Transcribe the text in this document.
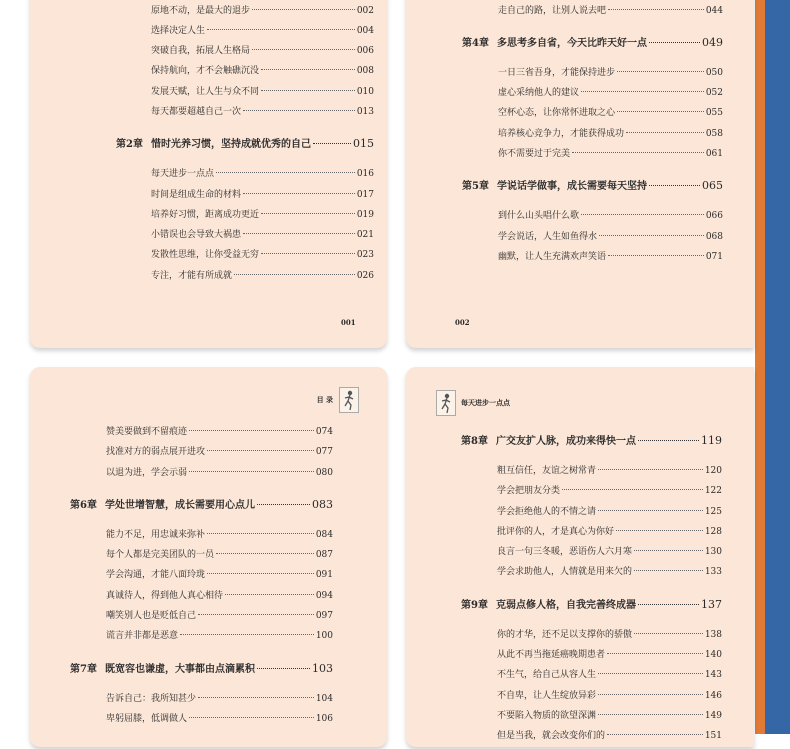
原地不动，是最大的退步	002
选择决定人生	004
突破自我，拓展人生格局	006
保持航向，才不会触礁沉没	008
发展天赋，让人生与众不同	010
每天都要超越自己一次	013
第2章 惜时光养习惯，坚持成就优秀的自己	015
每天进步一点点	016
时间是组成生命的材料	017
培养好习惯，距离成功更近	019
小错误也会导致大祸患	021
发散性思维，让你受益无穷	023
专注，才能有所成就	026
001
走自己的路，让别人说去吧	044
第4章 多思考多自省，今天比昨天好一点	049
一日三省吾身，才能保持进步	050
虚心采纳他人的建议	052
空杯心态，让你常怀进取之心	055
培养核心竞争力，才能获得成功	058
你不需要过于完美	061
第5章 学说话学做事，成长需要每天坚持	065
到什么山头唱什么歌	066
学会说话，人生如鱼得水	068
幽默，让人生充满欢声笑语	071
002
目 录
赞美要做到不留痕迹	074
找准对方的弱点展开进攻	077
以退为进，学会示弱	080
第6章 学处世增智慧，成长需要用心点儿	083
能力不足，用忠诚来弥补	084
每个人都是完美团队的一员	087
学会沟通，才能八面玲珑	091
真诚待人，得到他人真心相待	094
嘲笑别人也是贬低自己	097
谎言并非都是恶意	100
第7章 既宽容也谦虚，大事都由点滴累积	103
告诉自己：我所知甚少	104
卑躬屈膝，低调做人	106
每天进步一点点
第8章 广交友扩人脉，成功来得快一点	119
粗互信任，友谊之树常青	120
学会把朋友分类	122
学会拒绝他人的不情之请	125
批评你的人，才是真心为你好	128
良言一句三冬暖，恶语伤人六月寒	130
学会求助他人，人情就是用来欠的	133
第9章 克弱点修人格，自我完善终成器	137
你的才华，还不足以支撑你的骄傲	138
从此不再当拖延癌晚期患者	140
不生气，给自己从容人生	143
不自卑，让人生绽放异彩	146
不要陷入物质的欲望深渊	149
但是当我，就会改变你们的	151
